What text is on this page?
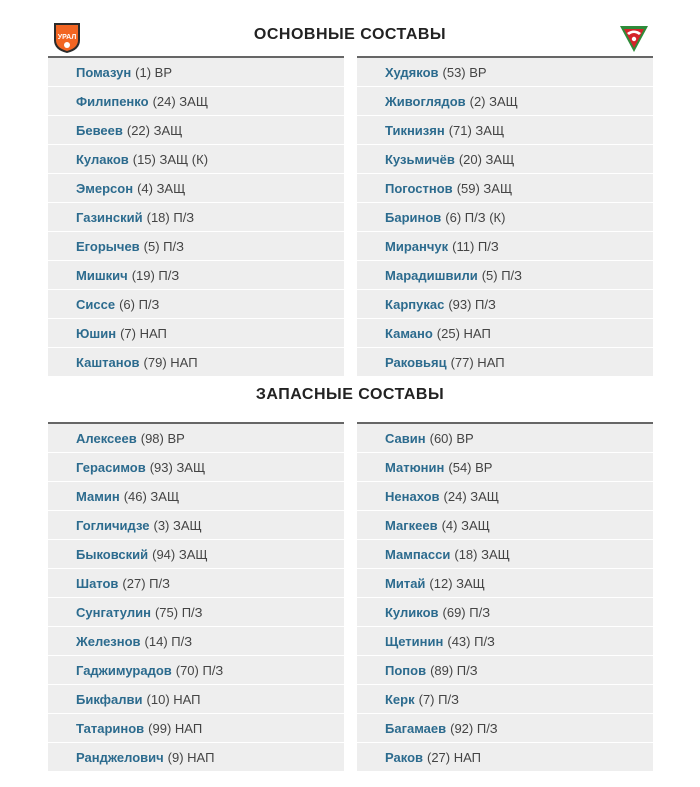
УРАЛ	ОСНОВНЫЕ СОСТАВЫ
Помазун (1) ВР
Филипенко (24) ЗАЩ
Бевеев (22) ЗАЩ
Кулаков (15) ЗАЩ (К)
Эмерсон (4) ЗАЩ
Газинский (18) П/З
Егорычев (5) П/З
Мишкич (19) П/З
Сиссе (6) П/З
Юшин (7) НАП
Каштанов (79) НАП
Худяков (53) ВР
Живоглядов (2) ЗАЩ
Тикнизян (71) ЗАЩ
Кузьмичёв (20) ЗАЩ
Погостнов (59) ЗАЩ
Баринов (6) П/З (К)
Миранчук (11) П/З
Марадишвили (5) П/З
Карпукас (93) П/З
Камано (25) НАП
Раковьяц (77) НАП
ЗАПАСНЫЕ СОСТАВЫ
Алексеев (98) ВР
Герасимов (93) ЗАЩ
Мамин (46) ЗАЩ
Гогличидзе (3) ЗАЩ
Быковский (94) ЗАЩ
Шатов (27) П/З
Сунгатулин (75) П/З
Железнов (14) П/З
Гаджимурадов (70) П/З
Бикфалви (10) НАП
Татаринов (99) НАП
Ранджелович (9) НАП
Савин (60) ВР
Матюнин (54) ВР
Ненахов (24) ЗАЩ
Магкеев (4) ЗАЩ
Мампасси (18) ЗАЩ
Митай (12) ЗАЩ
Куликов (69) П/З
Щетинин (43) П/З
Попов (89) П/З
Керк (7) П/З
Багамаев (92) П/З
Раков (27) НАП
